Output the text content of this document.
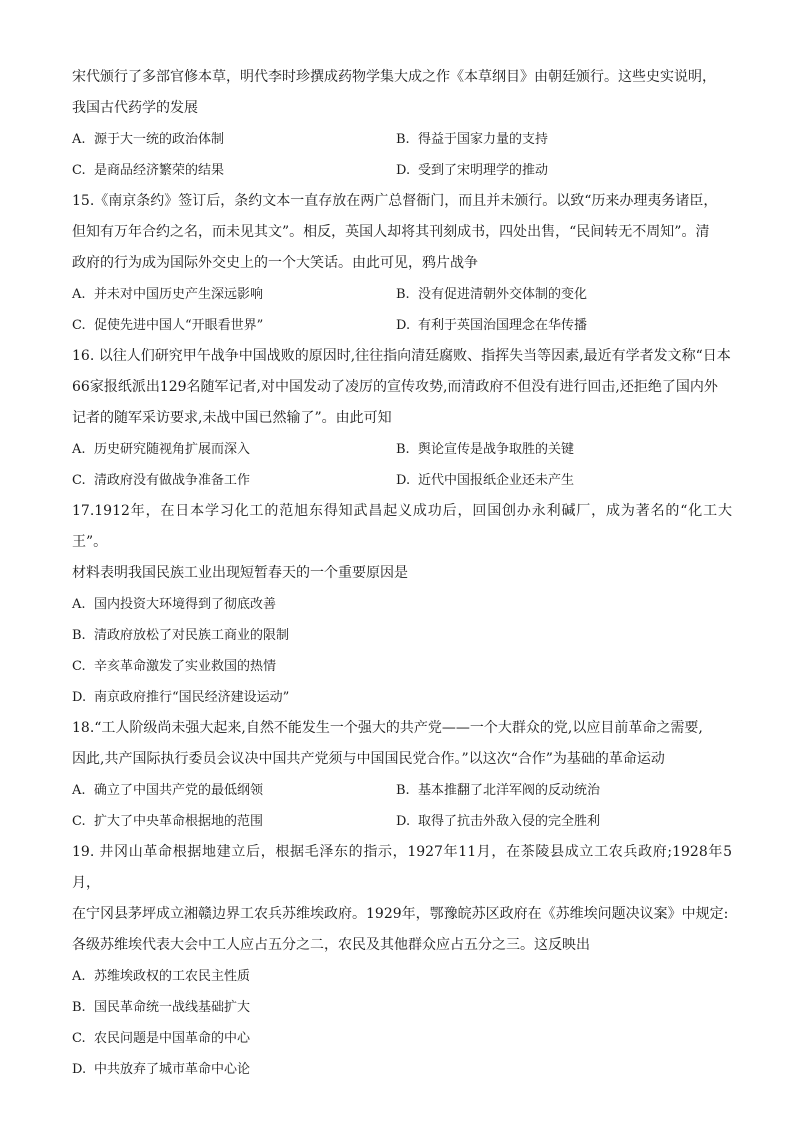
宋代颁行了多部官修本草，明代李时珍撰成药物学集大成之作《本草纲目》由朝廷颁行。这些史实说明，

我国古代药学的发展

A. 源于大一统的政治体制	B. 得益于国家力量的支持
C. 是商品经济繁荣的结果	D. 受到了宋明理学的推动

15.《南京条约》签订后，条约文本一直存放在两广总督衙门，而且并未颁行。以致“历来办理夷务诸臣，

但知有万年合约之名，而未见其文”。相反，英国人却将其刊刻成书，四处出售，“民间转无不周知”。清

政府的行为成为国际外交史上的一个大笑话。由此可见，鸦片战争

A. 并未对中国历史产生深远影响	B. 没有促进清朝外交体制的变化
C. 促使先进中国人“开眼看世界”	D. 有利于英国治国理念在华传播

16. 以往人们研究甲午战争中国战败的原因时,往往指向清廷腐败、指挥失当等因素,最近有学者发文称“日本

66家报纸派出129名随军记者,对中国发动了凌厉的宣传攻势,而清政府不但没有进行回击,还拒绝了国内外

记者的随军采访要求,未战中国已然输了”。由此可知

A. 历史研究随视角扩展而深入	B. 舆论宣传是战争取胜的关键
C. 清政府没有做战争准备工作	D. 近代中国报纸企业还未产生

17.1912年，在日本学习化工的范旭东得知武昌起义成功后，回国创办永利碱厂，成为著名的“化工大王”。

材料表明我国民族工业出现短暂春天的一个重要原因是

A. 国内投资大环境得到了彻底改善
B. 清政府放松了对民族工商业的限制
C. 辛亥革命激发了实业救国的热情
D. 南京政府推行“国民经济建设运动”

18.“工人阶级尚未强大起来,自然不能发生一个强大的共产党——一个大群众的党,以应目前革命之需要,

因此,共产国际执行委员会议决中国共产党须与中国国民党合作。”以这次“合作”为基础的革命运动

A. 确立了中国共产党的最低纲领	B. 基本推翻了北洋军阀的反动统治
C. 扩大了中央革命根据地的范围	D. 取得了抗击外敌入侵的完全胜利

19. 井冈山革命根据地建立后，根据毛泽东的指示，1927年11月，在茶陵县成立工农兵政府;1928年5月，

在宁冈县茅坪成立湘赣边界工农兵苏维埃政府。1929年，鄂豫皖苏区政府在《苏维埃问题决议案》中规定:

各级苏维埃代表大会中工人应占五分之二，农民及其他群众应占五分之三。这反映出

A. 苏维埃政权的工农民主性质
B. 国民革命统一战线基础扩大
C. 农民问题是中国革命的中心
D. 中共放弃了城市革命中心论
